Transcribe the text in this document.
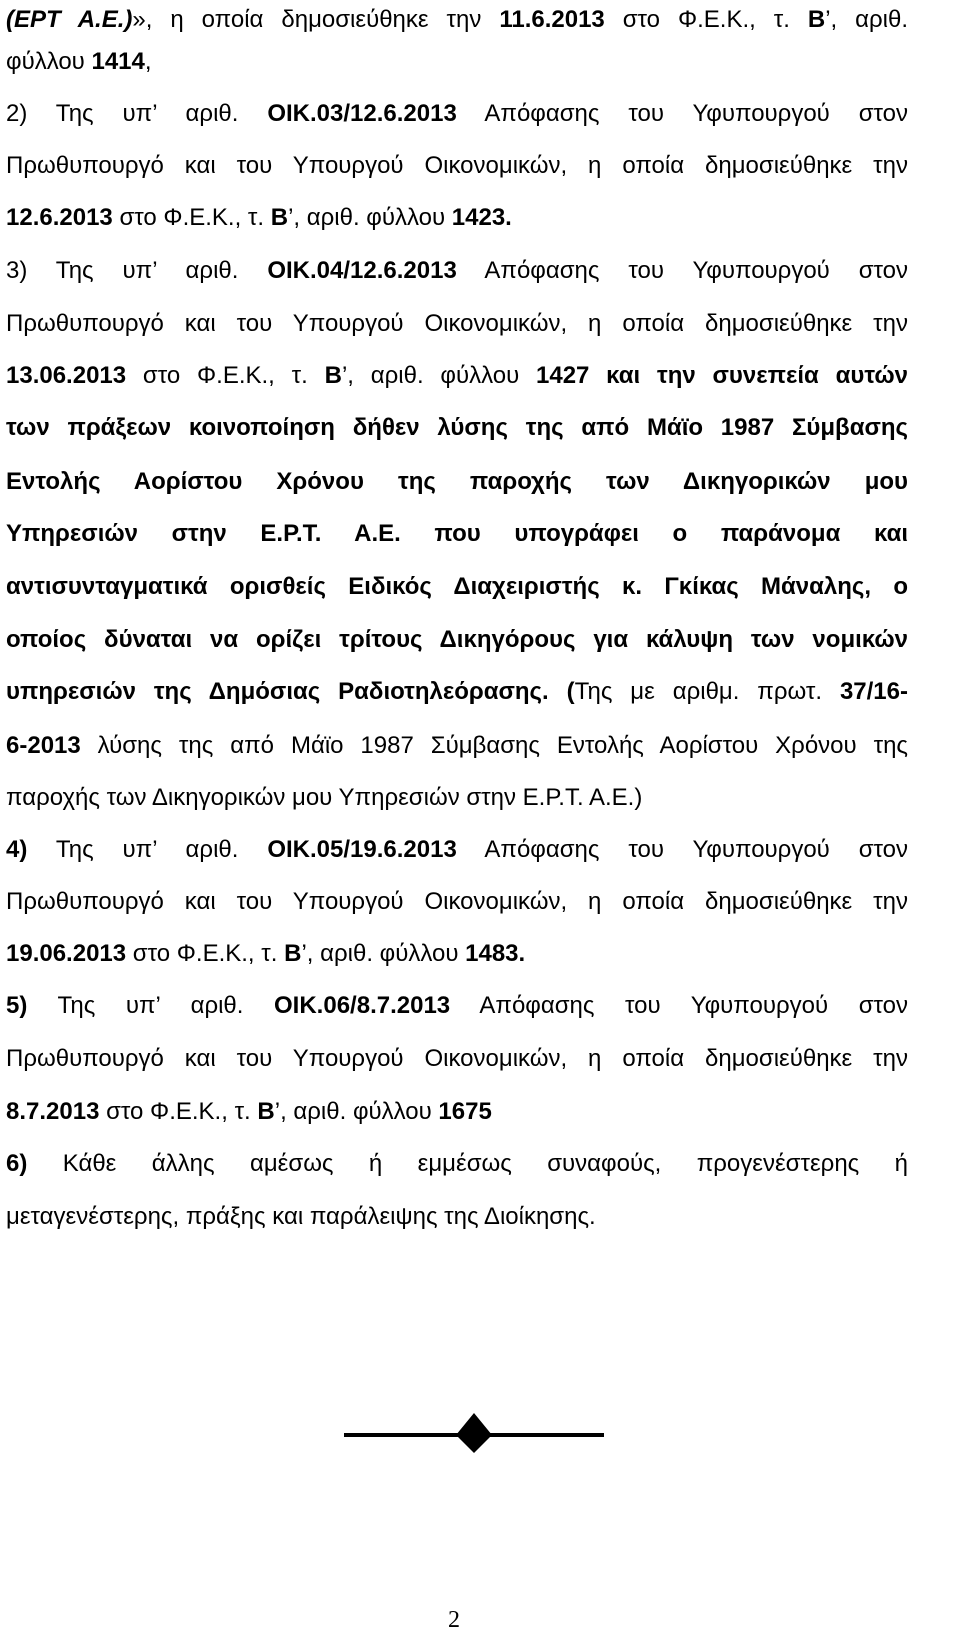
(ΕΡΤ Α.Ε.)», η οποία δημοσιεύθηκε την 11.6.2013 στο Φ.Ε.Κ., τ. Β’, αριθ.
φύλλου 1414,
2) Της υπ’ αριθ. ΟΙΚ.03/12.6.2013 Απόφασης του Υφυπουργού στον
Πρωθυπουργό και του Υπουργού Οικονομικών, η οποία δημοσιεύθηκε την
12.6.2013 στο Φ.Ε.Κ., τ. Β’, αριθ. φύλλου 1423.
3) Της υπ’ αριθ. ΟΙΚ.04/12.6.2013 Απόφασης του Υφυπουργού στον
Πρωθυπουργό και του Υπουργού Οικονομικών, η οποία δημοσιεύθηκε την
13.06.2013 στο Φ.Ε.Κ., τ. Β’, αριθ. φύλλου 1427 και την συνεπεία αυτών
των πράξεων κοινοποίηση δήθεν λύσης της από Μάϊο 1987 Σύμβασης
Εντολής Αορίστου Χρόνου της παροχής των Δικηγορικών μου
Υπηρεσιών στην Ε.Ρ.Τ. Α.Ε. που υπογράφει ο παράνομα και
αντισυνταγματικά ορισθείς Ειδικός Διαχειριστής κ. Γκίκας Μάναλης, ο
οποίος δύναται να ορίζει τρίτους Δικηγόρους για κάλυψη των νομικών
υπηρεσιών της Δημόσιας Ραδιοτηλεόρασης. (Της με αριθμ. πρωτ. 37/16-
6-2013 λύσης της από Μάϊο 1987 Σύμβασης Εντολής Αορίστου Χρόνου της
παροχής των Δικηγορικών μου Υπηρεσιών στην Ε.Ρ.Τ. Α.Ε.)
4) Της υπ’ αριθ. ΟΙΚ.05/19.6.2013 Απόφασης του Υφυπουργού στον
Πρωθυπουργό και του Υπουργού Οικονομικών, η οποία δημοσιεύθηκε την
19.06.2013 στο Φ.Ε.Κ., τ. Β’, αριθ. φύλλου 1483.
5) Της υπ’ αριθ. ΟΙΚ.06/8.7.2013 Απόφασης του Υφυπουργού στον
Πρωθυπουργό και του Υπουργού Οικονομικών, η οποία δημοσιεύθηκε την
8.7.2013 στο Φ.Ε.Κ., τ. Β’, αριθ. φύλλου 1675
6) Κάθε άλλης αμέσως ή εμμέσως συναφούς, προγενέστερης ή
μεταγενέστερης, πράξης και παράλειψης της Διοίκησης.
2
